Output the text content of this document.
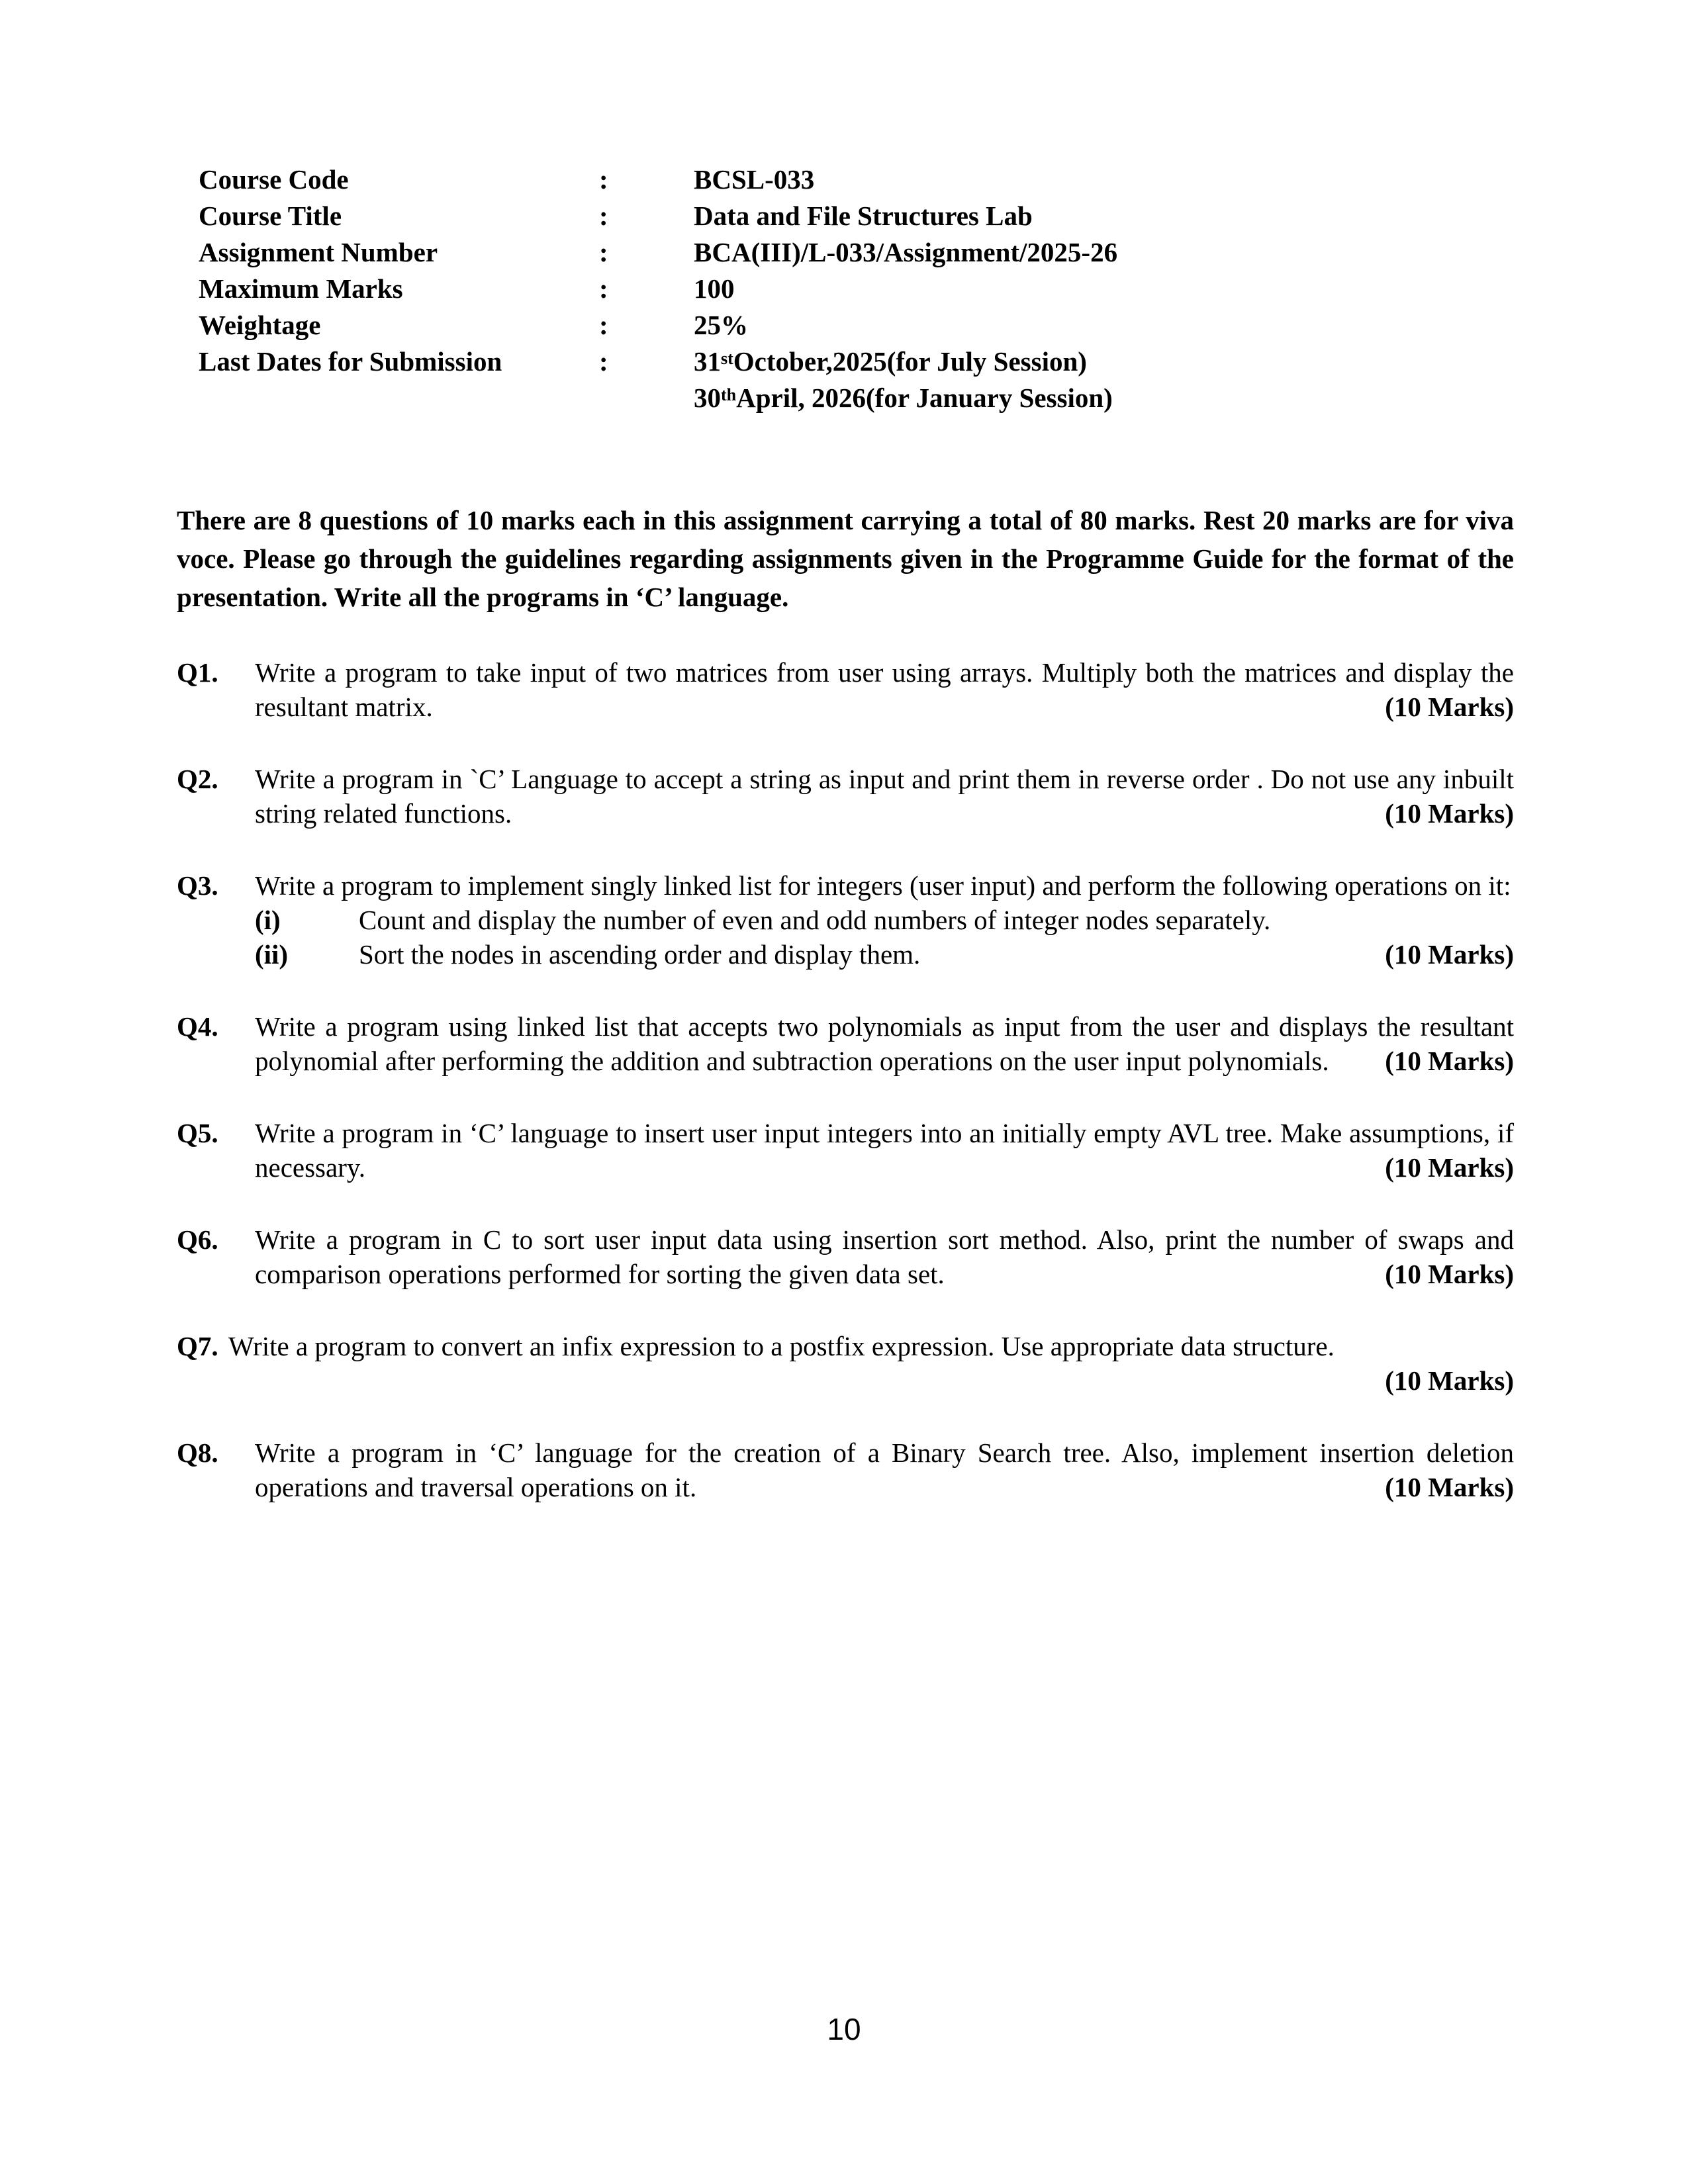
Course Code	:	BCSL-033
Course Title	:	Data and File Structures Lab
Assignment Number	:	BCA(III)/L-033/Assignment/2025-26
Maximum Marks	:	100
Weightage	:	25%
Last Dates for Submission	:	31stOctober,2025(for July Session)
30thApril, 2026(for January Session)

There are 8 questions of 10 marks each in this assignment carrying a total of 80 marks. Rest 20 marks are for viva voce. Please go through the guidelines regarding assignments given in the Programme Guide for the format of the presentation. Write all the programs in ‘C’ language.

Q1. Write a program to take input of two matrices from user using arrays. Multiply both the matrices and display the resultant matrix.	(10 Marks)
Q2. Write a program in `C’ Language to accept a string as input and print them in reverse order . Do not use any inbuilt string related functions.	(10 Marks)
Q3. Write a program to implement singly linked list for integers (user input) and perform the following operations on it:
(i)	Count and display the number of even and odd numbers of integer nodes separately.
(ii)	Sort the nodes in ascending order and display them.	(10 Marks)
Q4. Write a program using linked list that accepts two polynomials as input from the user and displays the resultant polynomial after performing the addition and subtraction operations on the user input polynomials. (10 Marks)
Q5. Write a program in ‘C’ language to insert user input integers into an initially empty AVL tree. Make assumptions, if necessary.	(10 Marks)
Q6. Write a program in C to sort user input data using insertion sort method. Also, print the number of swaps and comparison operations performed for sorting the given data set.	(10 Marks)
Q7. Write a program to convert an infix expression to a postfix expression. Use appropriate data structure.
(10 Marks)
Q8. Write a program in ‘C’ language for the creation of a Binary Search tree. Also, implement insertion deletion operations and traversal operations on it.	(10 Marks)
10
